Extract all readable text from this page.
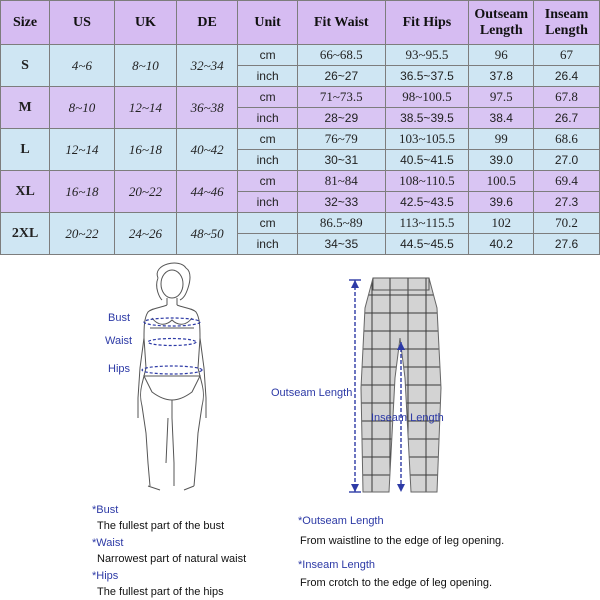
Size	US	UK	DE	Unit	Fit Waist	Fit Hips	Outseam Length	Inseam Length
S	4~6	8~10	32~34	cm	66~68.5	93~95.5	96	67
				inch	26~27	36.5~37.5	37.8	26.4
M	8~10	12~14	36~38	cm	71~73.5	98~100.5	97.5	67.8
				inch	28~29	38.5~39.5	38.4	26.7
L	12~14	16~18	40~42	cm	76~79	103~105.5	99	68.6
				inch	30~31	40.5~41.5	39.0	27.0
XL	16~18	20~22	44~46	cm	81~84	108~110.5	100.5	69.4
				inch	32~33	42.5~43.5	39.6	27.3
2XL	20~22	24~26	48~50	cm	86.5~89	113~115.5	102	70.2
				inch	34~35	44.5~45.5	40.2	27.6
Bust
Waist
Hips
Outseam Length
Inseam Length
*Bust
The fullest part of the bust
*Waist
Narrowest part of natural waist
*Hips
The fullest part of the hips
*Outseam Length
From waistline to the edge of leg opening.
*Inseam Length
From crotch to the edge of leg opening.
